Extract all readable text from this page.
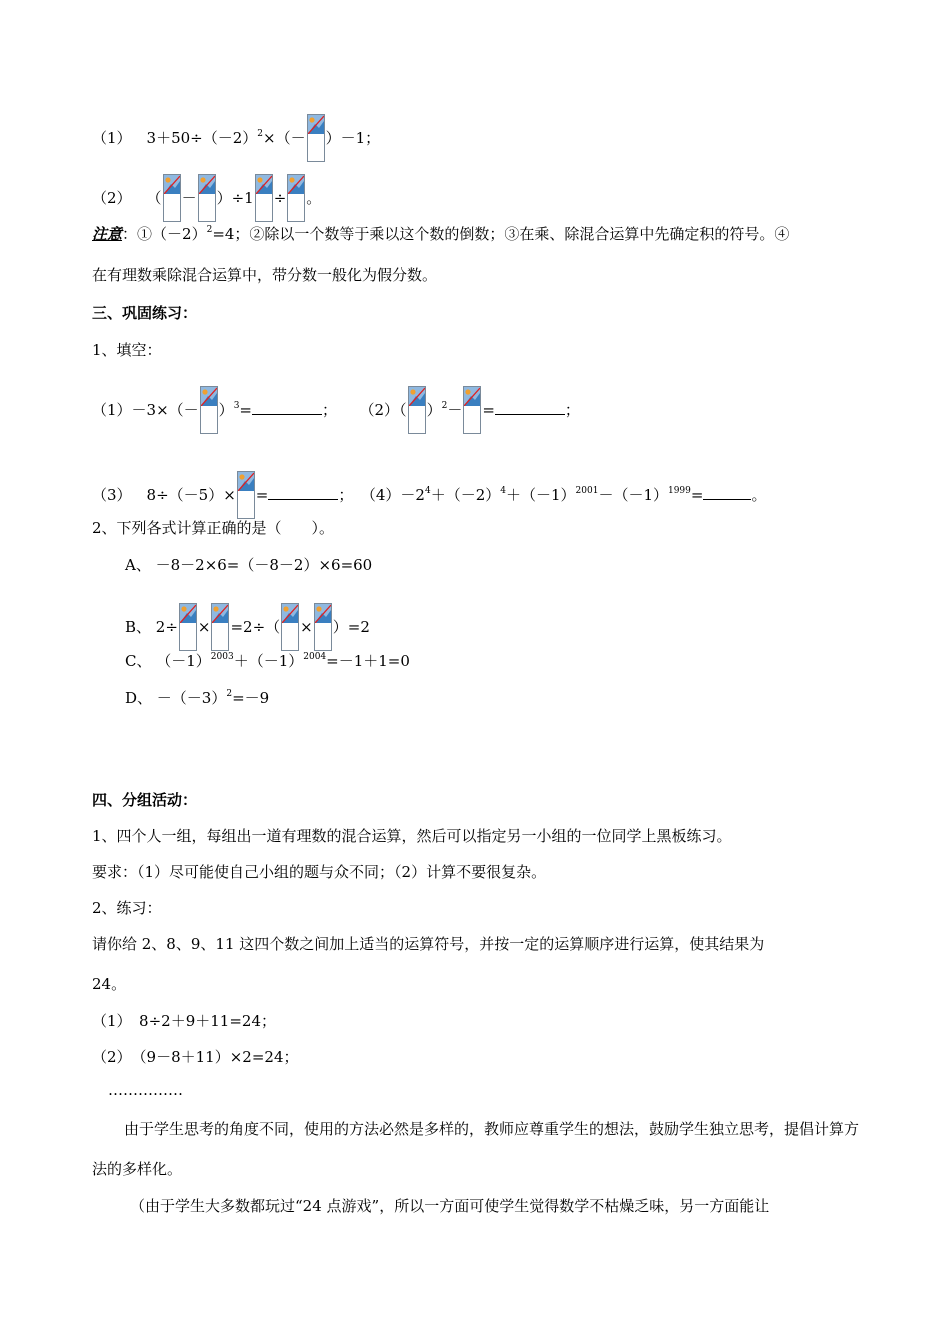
（1）  $3+50\div(-2)^2\times(- )-1$；
（2）  （ － ）÷1 ÷ 。
注意：$①(-2)^2=4$；②除以一个数等于乘以这个数的倒数；③在乘、除混合运算中先确定积的符号。④
在有理数乘除混合运算中，带分数一般化为假分数。
三、巩固练习：
1、填空：
$(1)-3\times(- )^3=$	；   （2）（ ）$^2$－ =	；
（3）  8÷（－5）× =	；  $(4)-2^4+(-2)^4+(-1)^{2001}-(-1)^{1999}=$	。
2、下列各式计算正确的是（　　）。
A、 －8－2×6=（－8－2）×6=60
B、 2÷ × =2÷（ × ）=2
C、 $(-1)^{2003}+(-1)^{2004}=-1+1=0$
D、 $-(-3)^2=-9$
四、分组活动：
1、四个人一组，每组出一道有理数的混合运算，然后可以指定另一小组的一位同学上黑板练习。
要求：（1）尽可能使自己小组的题与众不同；（2）计算不要很复杂。
2、练习：
请你给 2、8、9、11 这四个数之间加上适当的运算符号，并按一定的运算顺序进行运算，使其结果为
24。
（1）　8÷2＋9＋11=24；
（2）　（9－8＋11）×2=24；
……………
由于学生思考的角度不同，使用的方法必然是多样的，教师应尊重学生的想法，鼓励学生独立思考，提倡计算方法的多样化。
（由于学生大多数都玩过“24 点游戏”，所以一方面可使学生觉得数学不枯燥乏味，另一方面能让
